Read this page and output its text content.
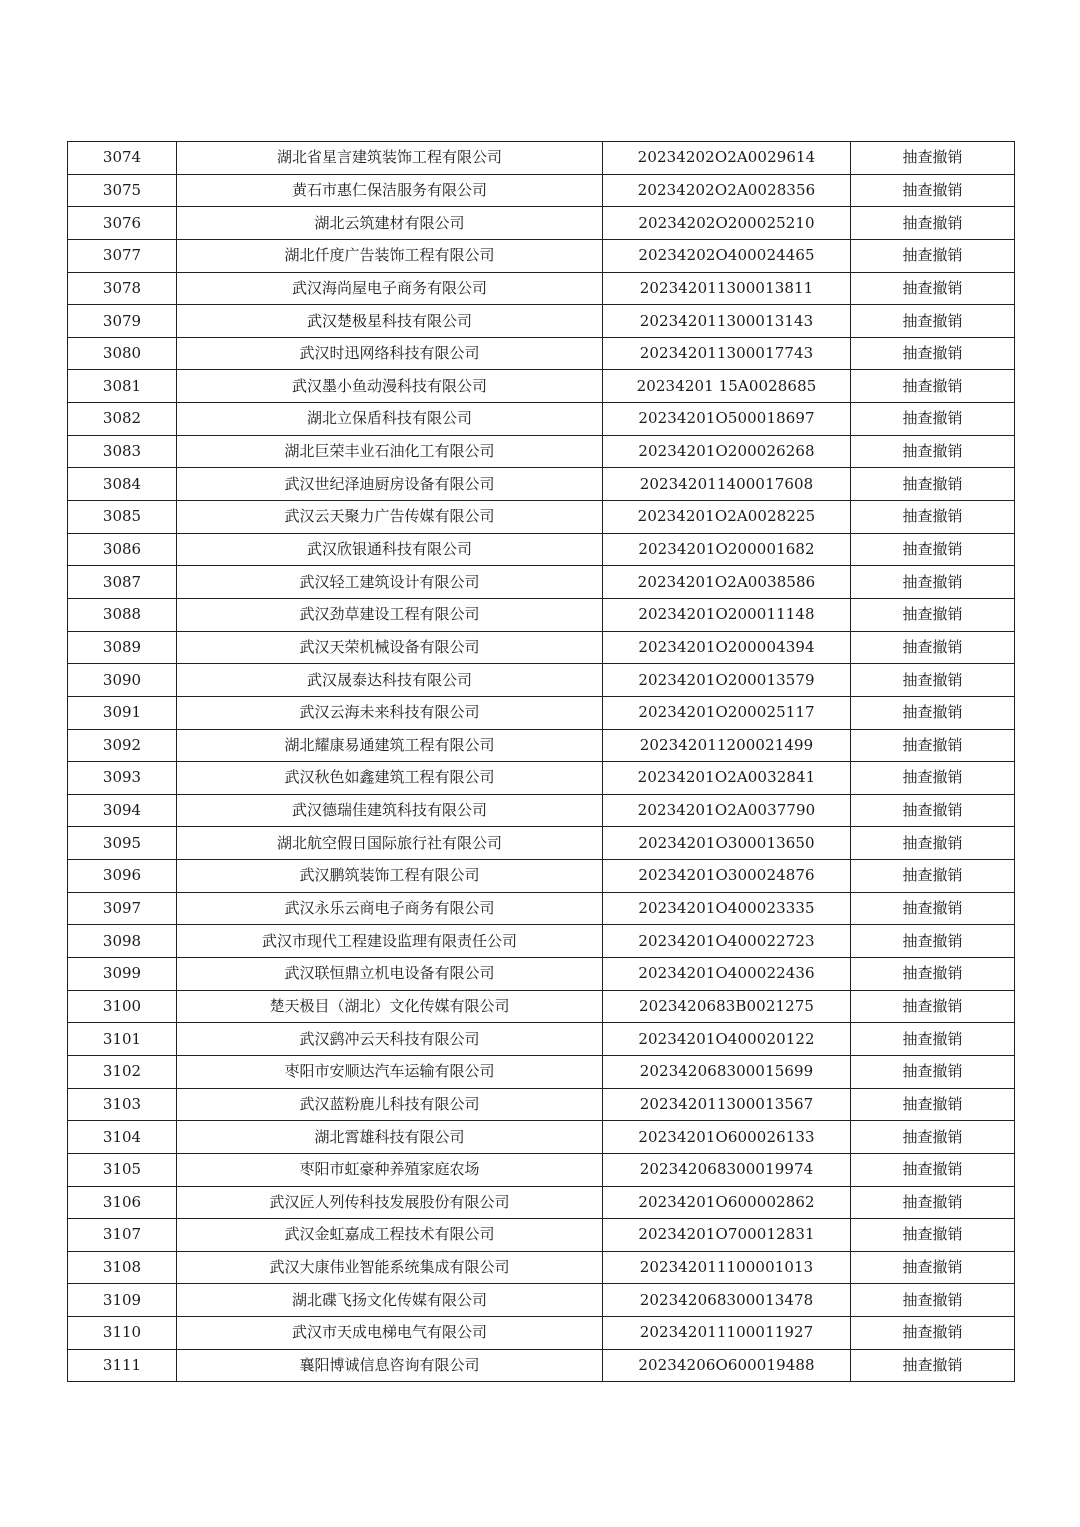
3074	湖北省星言建筑装饰工程有限公司	20234202O2A0029614	抽查撤销
3075	黄石市惠仁保洁服务有限公司	20234202O2A0028356	抽查撤销
3076	湖北云筑建材有限公司	20234202O200025210	抽查撤销
3077	湖北仟度广告装饰工程有限公司	20234202O400024465	抽查撤销
3078	武汉海尚屋电子商务有限公司	202342011300013811	抽查撤销
3079	武汉楚极星科技有限公司	202342011300013143	抽查撤销
3080	武汉时迅网络科技有限公司	202342011300017743	抽查撤销
3081	武汉墨小鱼动漫科技有限公司	20234201 15A0028685	抽查撤销
3082	湖北立保盾科技有限公司	20234201O500018697	抽查撤销
3083	湖北巨荣丰业石油化工有限公司	20234201O200026268	抽查撤销
3084	武汉世纪泽迪厨房设备有限公司	202342011400017608	抽查撤销
3085	武汉云天聚力广告传媒有限公司	20234201O2A0028225	抽查撤销
3086	武汉欣银通科技有限公司	20234201O200001682	抽查撤销
3087	武汉轻工建筑设计有限公司	20234201O2A0038586	抽查撤销
3088	武汉劲草建设工程有限公司	20234201O200011148	抽查撤销
3089	武汉天荣机械设备有限公司	20234201O200004394	抽查撤销
3090	武汉晟泰达科技有限公司	20234201O200013579	抽查撤销
3091	武汉云海未来科技有限公司	20234201O200025117	抽查撤销
3092	湖北耀康易通建筑工程有限公司	202342011200021499	抽查撤销
3093	武汉秋色如鑫建筑工程有限公司	20234201O2A0032841	抽查撤销
3094	武汉德瑞佳建筑科技有限公司	20234201O2A0037790	抽查撤销
3095	湖北航空假日国际旅行社有限公司	20234201O300013650	抽查撤销
3096	武汉鹏筑装饰工程有限公司	20234201O300024876	抽查撤销
3097	武汉永乐云商电子商务有限公司	20234201O400023335	抽查撤销
3098	武汉市现代工程建设监理有限责任公司	20234201O400022723	抽查撤销
3099	武汉联恒鼎立机电设备有限公司	20234201O400022436	抽查撤销
3100	楚天极目（湖北）文化传媒有限公司	2023420683B0021275	抽查撤销
3101	武汉鹞冲云天科技有限公司	20234201O400020122	抽查撤销
3102	枣阳市安顺达汽车运输有限公司	202342068300015699	抽查撤销
3103	武汉蓝粉鹿儿科技有限公司	202342011300013567	抽查撤销
3104	湖北霄雄科技有限公司	20234201O600026133	抽查撤销
3105	枣阳市虹豪种养殖家庭农场	202342068300019974	抽查撤销
3106	武汉匠人列传科技发展股份有限公司	20234201O600002862	抽查撤销
3107	武汉金虹嘉成工程技术有限公司	20234201O700012831	抽查撤销
3108	武汉大康伟业智能系统集成有限公司	202342011100001013	抽查撤销
3109	湖北碟飞扬文化传媒有限公司	202342068300013478	抽查撤销
3110	武汉市天成电梯电气有限公司	202342011100011927	抽查撤销
3111	襄阳博诚信息咨询有限公司	20234206O600019488	抽查撤销
